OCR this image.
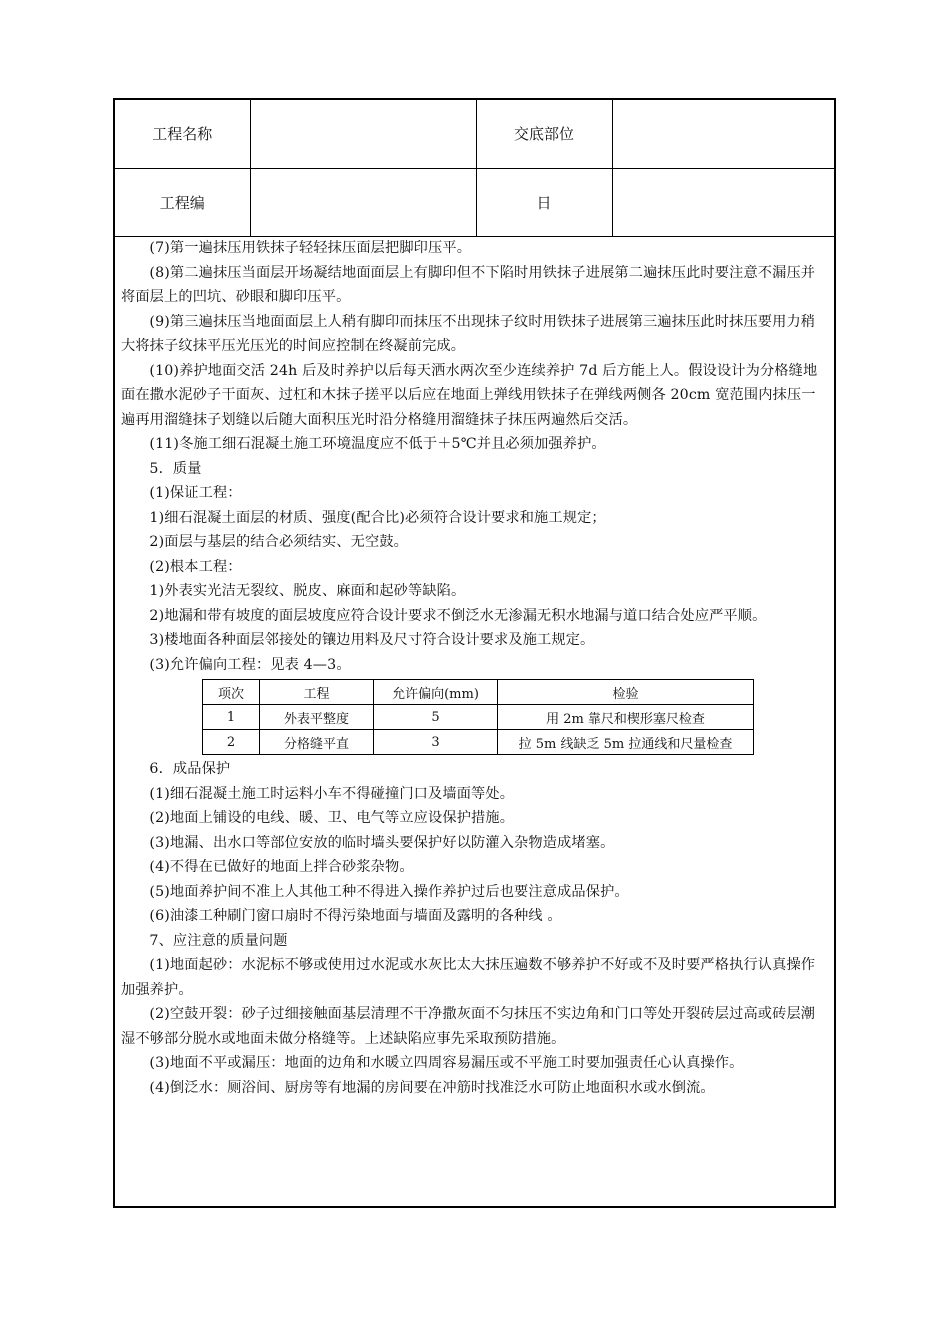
工程名称		交底部位	
工程编		日	

(7)第一遍抹压用铁抹子轻轻抹压面层把脚印压平。

(8)第二遍抹压当面层开场凝结地面面层上有脚印但不下陷时用铁抹子进展第二遍抹压此时要注意不漏压并将面层上的凹坑、砂眼和脚印压平。

(9)第三遍抹压当地面面层上人稍有脚印而抹压不出现抹子纹时用铁抹子进展第三遍抹压此时抹压要用力稍大将抹子纹抹平压光压光的时间应控制在终凝前完成。

(10)养护地面交活 24h 后及时养护以后每天洒水两次至少连续养护 7d 后方能上人。假设设计为分格缝地面在撒水泥砂子干面灰、过杠和木抹子搓平以后应在地面上弹线用铁抹子在弹线两侧各 20cm 宽范围内抹压一遍再用溜缝抹子划缝以后随大面积压光时沿分格缝用溜缝抹子抹压两遍然后交活。

(11)冬施工细石混凝土施工环境温度应不低于＋5℃并且必须加强养护。

5．质量

(1)保证工程：

1)细石混凝土面层的材质、强度(配合比)必须符合设计要求和施工规定；

2)面层与基层的结合必须结实、无空鼓。

(2)根本工程：

1)外表实光洁无裂纹、脱皮、麻面和起砂等缺陷。

2)地漏和带有坡度的面层坡度应符合设计要求不倒泛水无渗漏无积水地漏与道口结合处应严平顺。

3)楼地面各种面层邻接处的镶边用料及尺寸符合设计要求及施工规定。

(3)允许偏向工程：见表 4—3。

项次	工程	允许偏向(mm)	检验
1	外表平整度	5	用 2m 靠尺和楔形塞尺检查
2	分格缝平直	3	拉 5m 线缺乏 5m 拉通线和尺量检查

6．成品保护

(1)细石混凝土施工时运料小车不得碰撞门口及墙面等处。

(2)地面上铺设的电线、暖、卫、电气等立应设保护措施。

(3)地漏、出水口等部位安放的临时墙头要保护好以防灌入杂物造成堵塞。

(4)不得在已做好的地面上拌合砂浆杂物。

(5)地面养护间不准上人其他工种不得进入操作养护过后也要注意成品保护。

(6)油漆工种刷门窗口扇时不得污染地面与墙面及露明的各种线 。

7、应注意的质量问题

(1)地面起砂：水泥标不够或使用过水泥或水灰比太大抹压遍数不够养护不好或不及时要严格执行认真操作加强养护。

(2)空鼓开裂：砂子过细接触面基层清理不干净撒灰面不匀抹压不实边角和门口等处开裂砖层过高或砖层潮湿不够部分脱水或地面未做分格缝等。上述缺陷应事先采取预防措施。

(3)地面不平或漏压：地面的边角和水暖立四周容易漏压或不平施工时要加强责任心认真操作。

(4)倒泛水：厕浴间、厨房等有地漏的房间要在冲筋时找准泛水可防止地面积水或水倒流。
